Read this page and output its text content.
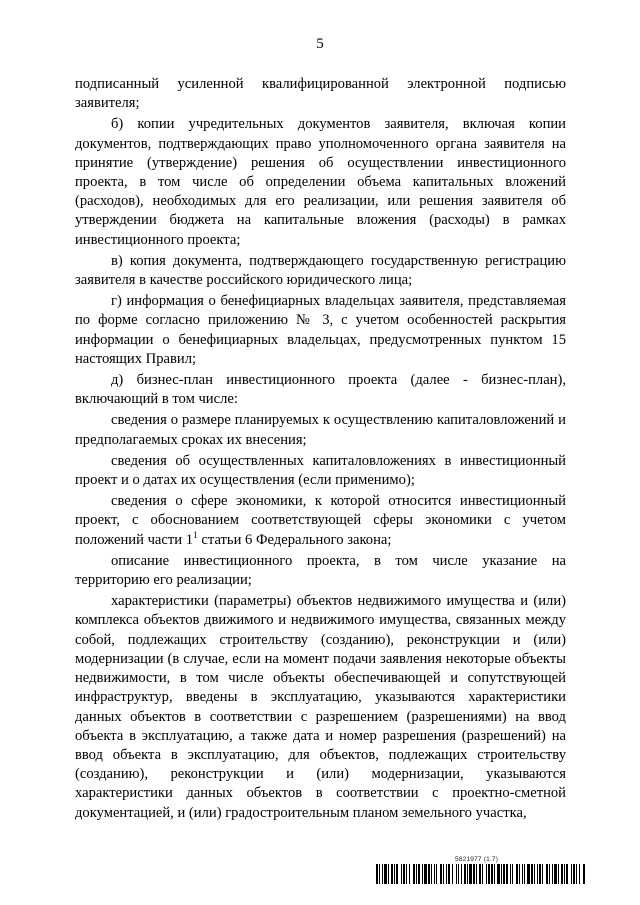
5

подписанный усиленной квалифицированной электронной подписью заявителя;

б) копии учредительных документов заявителя, включая копии документов, подтверждающих право уполномоченного органа заявителя на принятие (утверждение) решения об осуществлении инвестиционного проекта, в том числе об определении объема капитальных вложений (расходов), необходимых для его реализации, или решения заявителя об утверждении бюджета на капитальные вложения (расходы) в рамках инвестиционного проекта;

в) копия документа, подтверждающего государственную регистрацию заявителя в качестве российского юридического лица;

г) информация о бенефициарных владельцах заявителя, представляемая по форме согласно приложению № 3, с учетом особенностей раскрытия информации о бенефициарных владельцах, предусмотренных пунктом 15 настоящих Правил;

д) бизнес-план инвестиционного проекта (далее - бизнес-план), включающий в том числе:

сведения о размере планируемых к осуществлению капиталовложений и предполагаемых сроках их внесения;

сведения об осуществленных капиталовложениях в инвестиционный проект и о датах их осуществления (если применимо);

сведения о сфере экономики, к которой относится инвестиционный проект, с обоснованием соответствующей сферы экономики с учетом положений части $1^1$ статьи 6 Федерального закона;

описание инвестиционного проекта, в том числе указание на территорию его реализации;

характеристики (параметры) объектов недвижимого имущества и (или) комплекса объектов движимого и недвижимого имущества, связанных между собой, подлежащих строительству (созданию), реконструкции и (или) модернизации (в случае, если на момент подачи заявления некоторые объекты недвижимости, в том числе объекты обеспечивающей и сопутствующей инфраструктур, введены в эксплуатацию, указываются характеристики данных объектов в соответствии с разрешением (разрешениями) на ввод объекта в эксплуатацию, а также дата и номер разрешения (разрешений) на ввод объекта в эксплуатацию, для объектов, подлежащих строительству (созданию), реконструкции и (или) модернизации, указываются характеристики данных объектов в соответствии с проектно-сметной документацией, и (или) градостроительным планом земельного участка,

5821977 (1.7)
